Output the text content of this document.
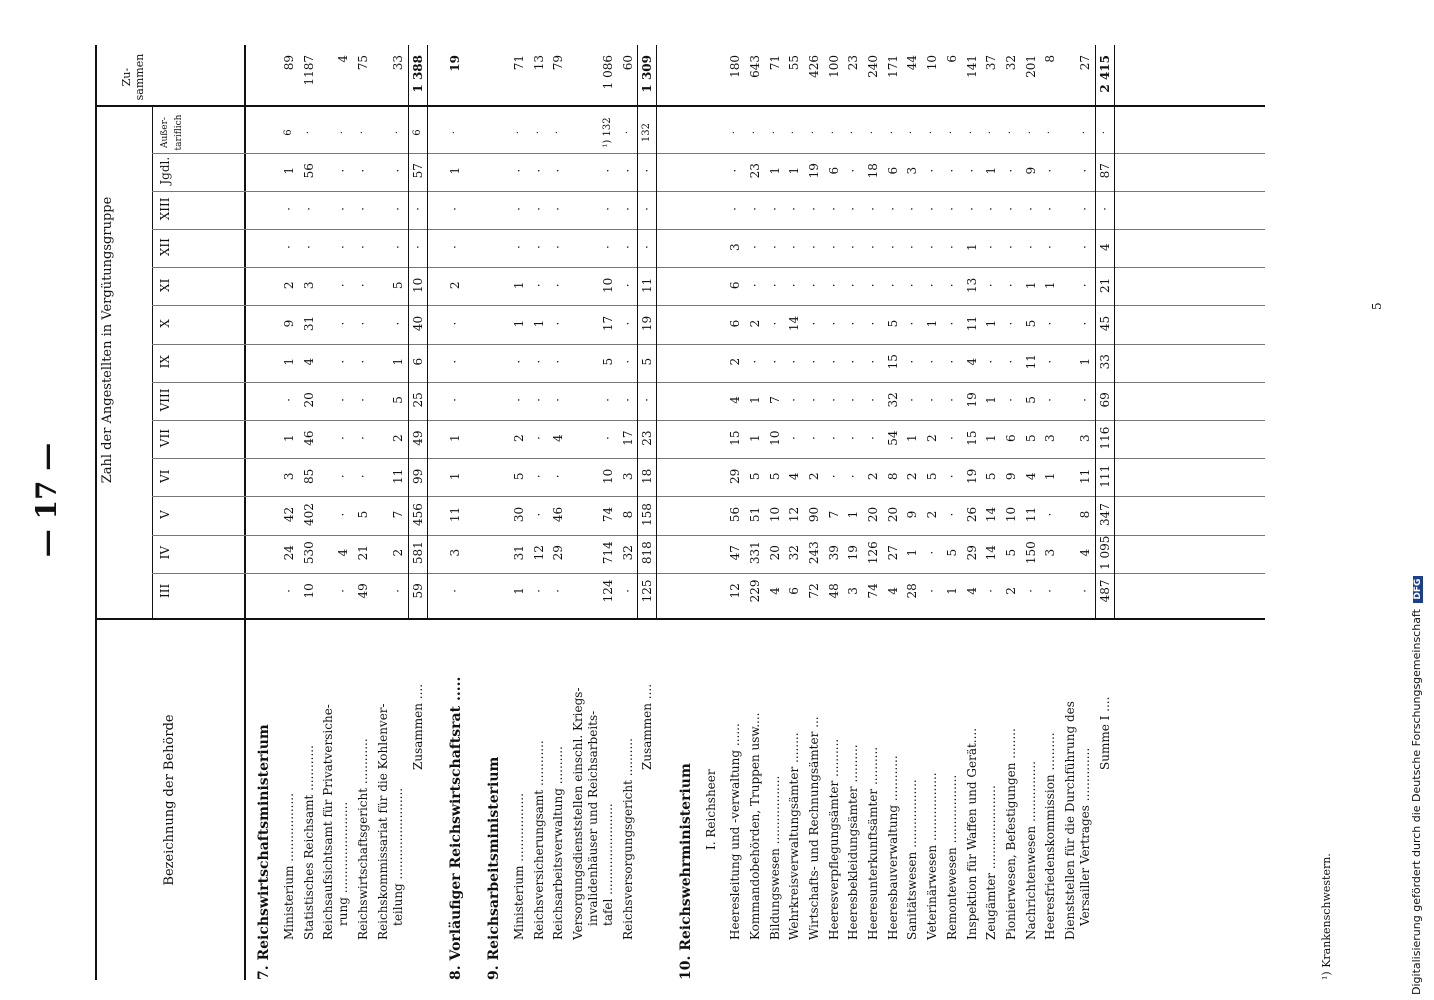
— 17 —
Bezeichnung der Behörde
Zahl der Angestellten in Vergütungsgruppe
Zu-sammen
III
IV
V
VI
VII
VIII
IX
X
XI
XII
XIII
Jgdl.
Außer-tariflich
7. Reichswirtschaftsministerium Ministerium ..................
·
24
42
3
1
·
1
9
2
·
·
1
6
89
Statistisches Reichsamt ............
10
530
402
85
46
20
4
31
3
·
·
56
·
1187
Reichsaufsichtsamt für Privatversiche- rung ........................
·
4
·
·
·
·
·
·
·
·
·
·
·
4
Reichswirtschaftsgericht ............
49
21
5
·
·
·
·
·
·
·
·
·
·
75
Reichskommissariat für die Kohlenver- teilung ........................
·
2
7
11
2
5
1
·
5
·
·
·
·
33
Zusammen ....
59
581
456
99
49
25
6
40
10
·
·
57
6
1 388
8. Vorläufiger Reichswirtschaftsrat .....
·
3
11
1
1
·
·
·
2
·
·
1
·
19
9. Reichsarbeitsministerium Ministerium ..................
1
31
30
5
2
·
·
1
1
·
·
·
·
71
Reichsversicherungsamt ............
·
12
·
·
·
·
·
1
·
·
·
·
·
13
Reichsarbeitsverwaltung ..........
·
29
46
·
4
·
·
·
·
·
·
·
·
79
Versorgungsdienststellen einschl. Kriegs- invalidenhäuser und Reichsarbeits- tafel ........................
124
714
74
10
·
·
5
17
10
·
·
·
¹) 132
1 086
Reichsversorgungsgericht ..........
·
32
8
3
17
·
·
·
·
·
·
·
·
60
Zusammen ....
125
818
158
18
23
·
5
19
11
·
·
·
132
1 309
10. Reichswehrministerium I. Reichsheer Heeresleitung und -verwaltung ......
12
47
56
29
15
4
2
6
6
3
·
·
·
180
Kommandobehörden, Truppen usw....
229
331
51
5
1
1
·
2
·
·
·
23
·
643
Bildungswesen ..................
4
20
10
5
10
7
·
·
·
·
·
1
·
71
Wehrkreisverwaltungsämter ........
6
32
12
4
·
·
·
14
·
·
·
1
·
55
Wirtschafts- und Rechnungsämter ...
72
243
90
2
·
·
·
·
·
·
·
19
·
426
Heeresverpflegungsämter ..........
48
39
7
·
·
·
·
·
·
·
·
6
·
100
Heeresbekleidungsämter ..........
3
19
1
·
·
·
·
·
·
·
·
·
·
23
Heeresunterkunftsämter ..........
74
126
20
2
·
·
·
·
·
·
·
18
·
240
Heeresbauverwaltung ............
4
27
20
8
54
32
15
5
·
·
·
6
·
171
Sanitätswesen ..................
28
1
9
2
1
·
·
·
·
·
·
3
·
44
Veterinärwesen ..................
·
·
2
5
2
·
·
1
·
·
·
·
·
10
Remontewesen ..................
1
5
·
·
·
·
·
·
·
·
·
·
·
6
Inspektion für Waffen und Gerät....
4
29
26
19
15
19
4
11
13
1
·
·
·
141
Zeugämter ......................
·
14
14
5
1
1
·
1
·
·
·
1
·
37
Pionierwesen, Befestigungen ........
2
5
10
9
6
·
·
·
·
·
·
·
·
32
Nachrichtenwesen ................
·
150
11
4
5
5
11
5
1
·
·
9
·
201
Heeresfriedenskommission ..........
·
3
·
1
3
·
·
·
1
·
·
·
·
8
Dienststellen für die Durchführung des Versailler Vertrages ..............
·
4
8
11
3
·
1
·
·
·
·
·
·
27
Summe I ....
487
1 095
347
111
116
69
33
45
21
4
·
87
·
2 415
¹) Krankenschwestern.
5
Digitalisierung gefördert durch die Deutsche Forschungsgemeinschaft DFG
